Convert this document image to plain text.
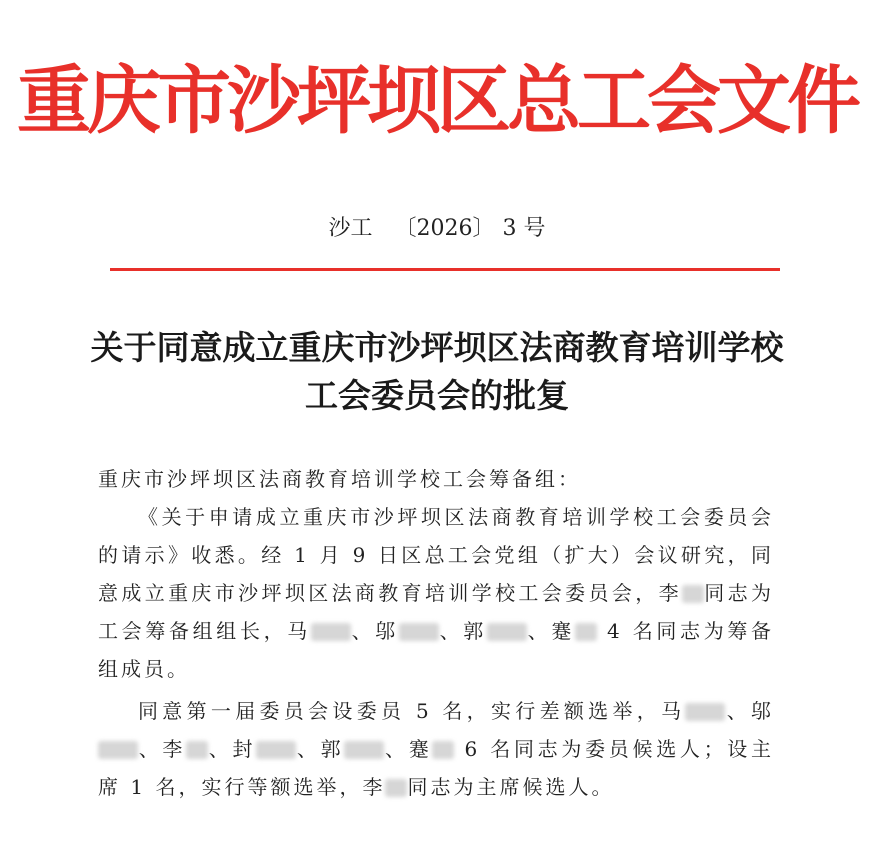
重庆市沙坪坝区总工会文件
沙工 〔2026〕 3 号
关于同意成立重庆市沙坪坝区法商教育培训学校
工会委员会的批复

重庆市沙坪坝区法商教育培训学校工会筹备组：

《关于申请成立重庆市沙坪坝区法商教育培训学校工会委员会的请示》收悉。经 1 月 9 日区总工会党组（扩大）会议研究，同意成立重庆市沙坪坝区法商教育培训学校工会委员会，李 同志为工会筹备组组长，马 、邬 、郭 、蹇 4 名同志为筹备组成员。

同意第一届委员会设委员 5 名，实行差额选举，马 、邬、李 、封 、郭 、蹇 6 名同志为委员候选人；设主席 1 名，实行等额选举，李 同志为主席候选人。
